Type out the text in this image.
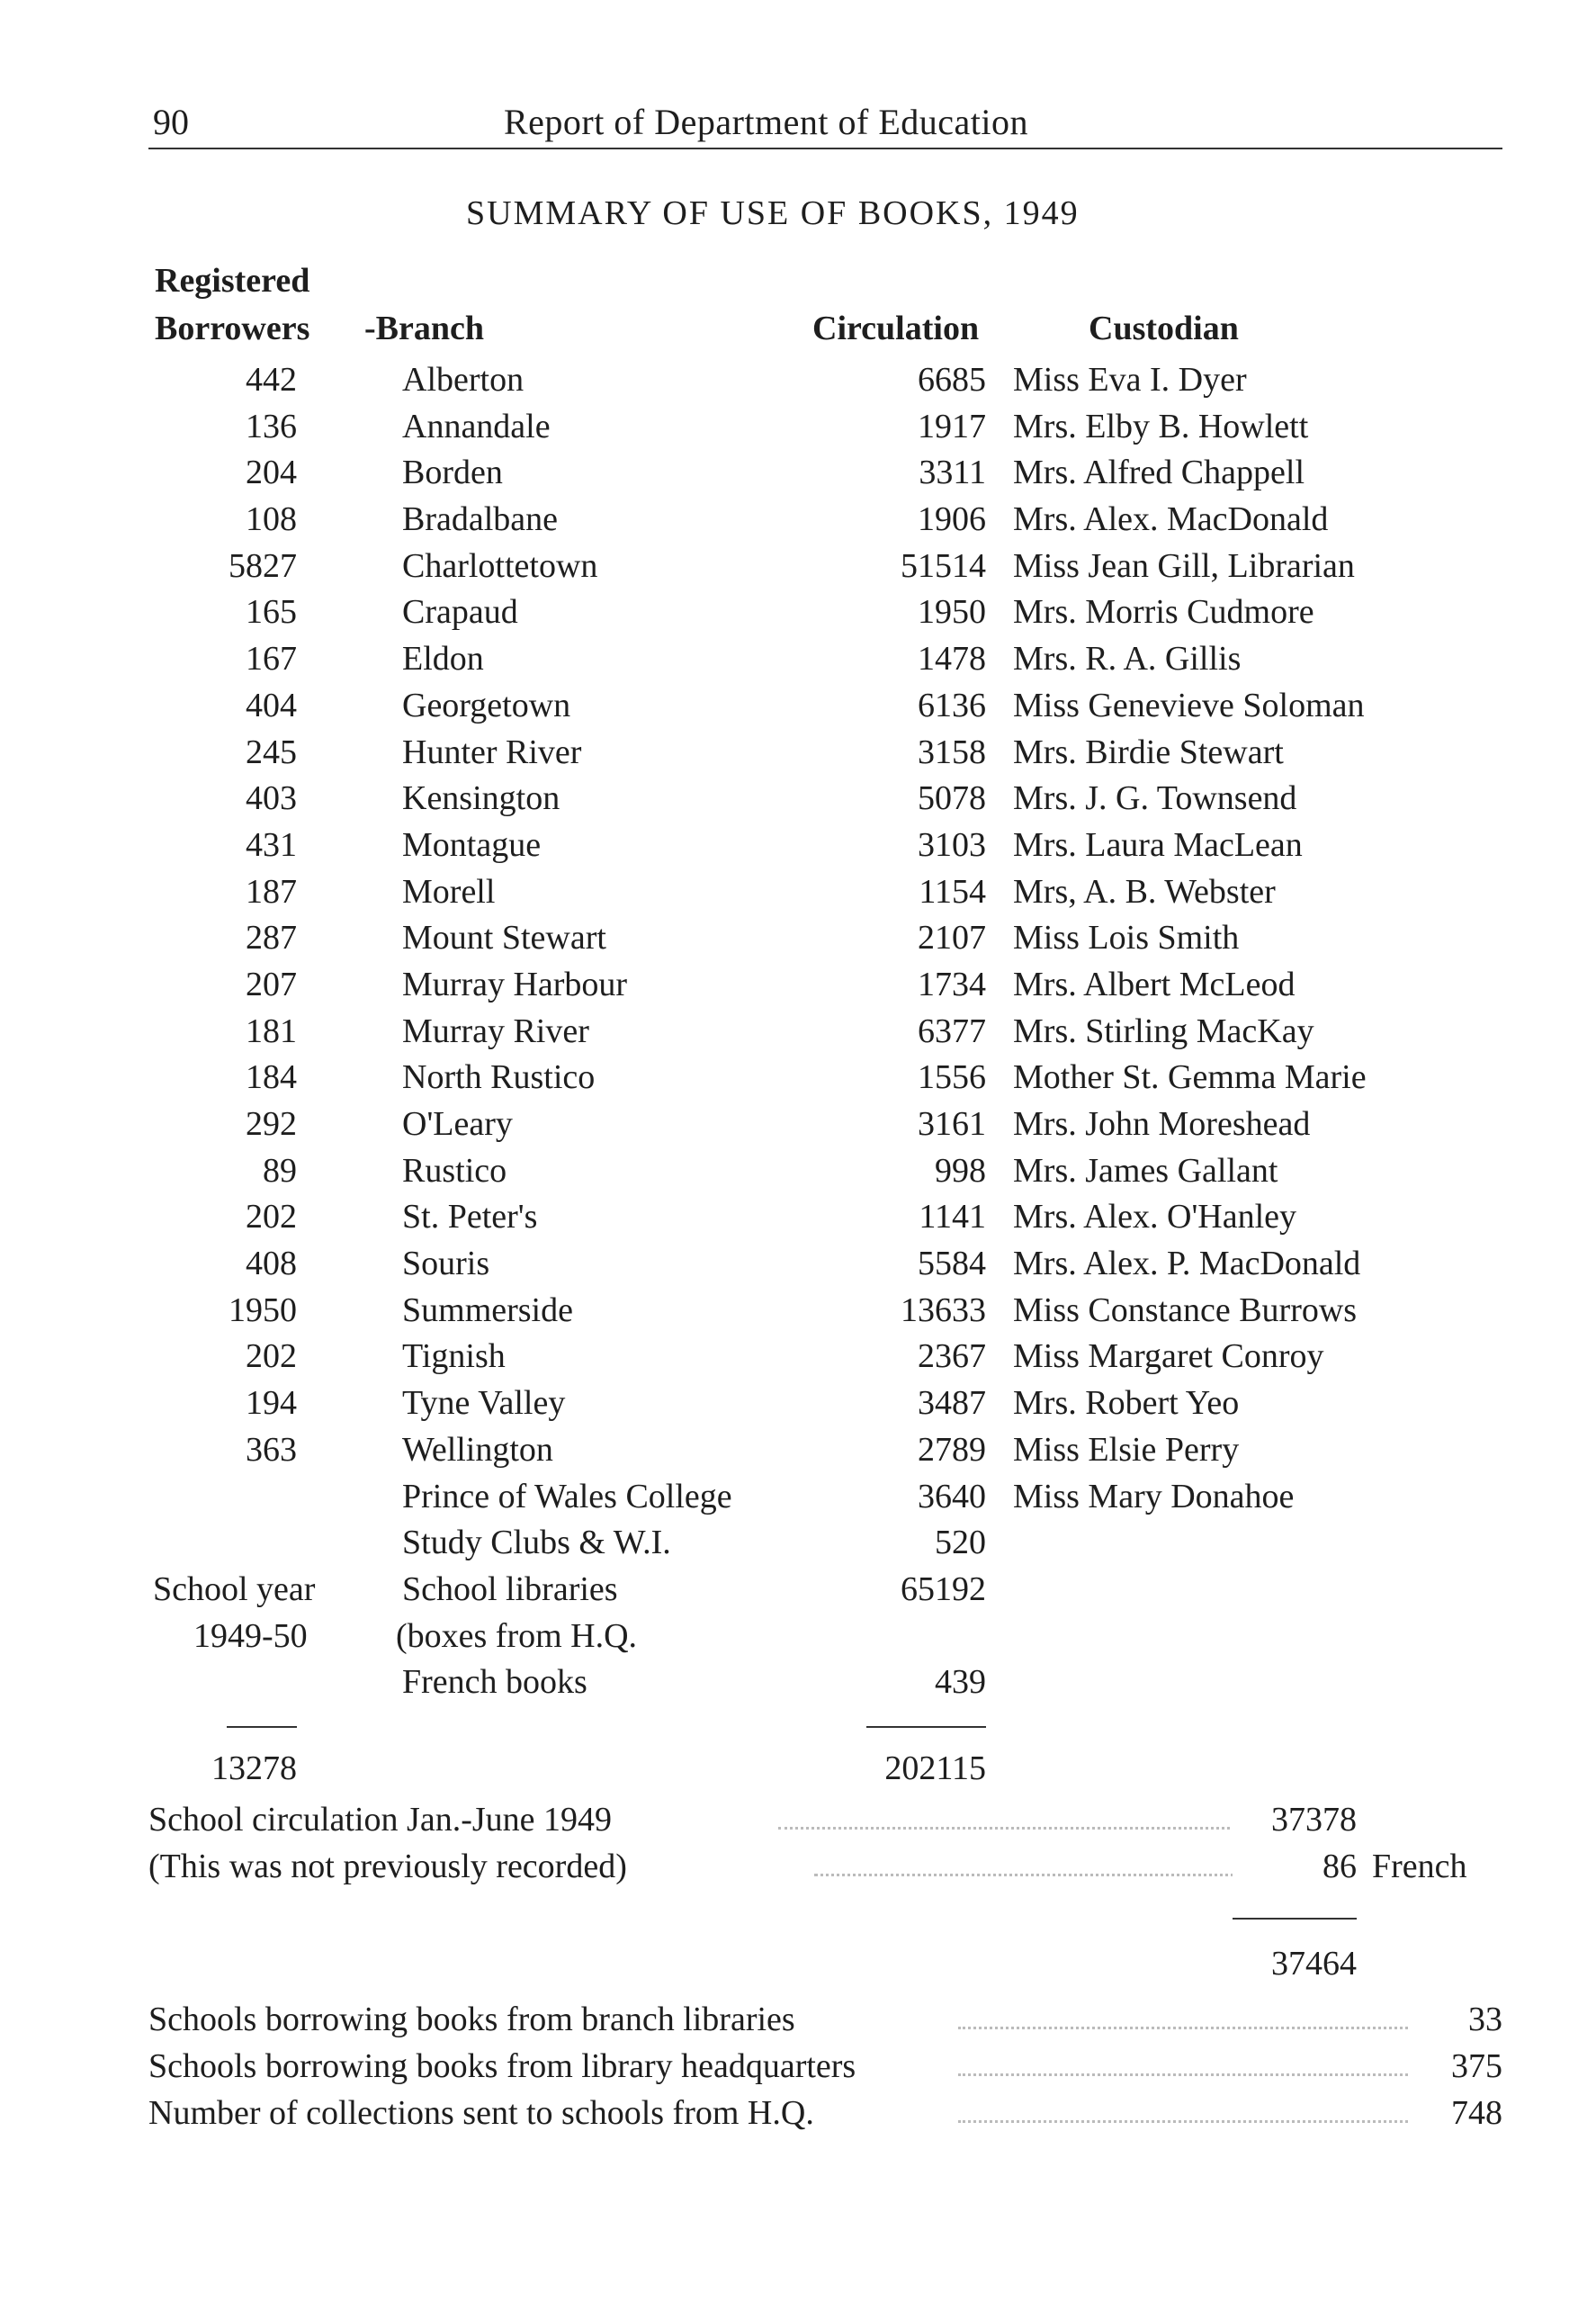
90	Report of Department of Education
SUMMARY OF USE OF BOOKS, 1949
Registered
Borrowers -Branch	Circulation	Custodian
442	Alberton	6685 Miss Eva I. Dyer
136	Annandale	1917 Mrs. Elby B. Howlett
204	Borden	3311 Mrs. Alfred Chappell
108	Bradalbane	1906 Mrs. Alex. MacDonald
5827	Charlottetown	51514 Miss Jean Gill, Librarian
165	Crapaud	1950 Mrs. Morris Cudmore
167	Eldon	1478 Mrs. R. A. Gillis
404	Georgetown	6136 Miss Genevieve Soloman
245	Hunter River	3158 Mrs. Birdie Stewart
403	Kensington	5078 Mrs. J. G. Townsend
431	Montague	3103 Mrs. Laura MacLean
187	Morell	1154 Mrs, A. B. Webster
287	Mount Stewart	2107 Miss Lois Smith
207	Murray Harbour	1734 Mrs. Albert McLeod
181	Murray River	6377 Mrs. Stirling MacKay
184	North Rustico	1556 Mother St. Gemma Marie
292	O'Leary	3161 Mrs. John Moreshead
89	Rustico	998 Mrs. James Gallant
202	St. Peter's	1141 Mrs. Alex. O'Hanley
408	Souris	5584 Mrs. Alex. P. MacDonald
1950	Summerside	13633 Miss Constance Burrows
202	Tignish	2367 Miss Margaret Conroy
194	Tyne Valley	3487 Mrs. Robert Yeo
363	Wellington	2789 Miss Elsie Perry
Prince of Wales College	3640 Miss Mary Donahoe
Study Clubs & W.I.	520
School year	School libraries	65192
1949-50	(boxes from H.Q.
French books	439
13278	202115
School circulation Jan.-June 1949	37378
(This was not previously recorded)	86 French
37464
Schools borrowing books from branch libraries	33
Schools borrowing books from library headquarters	375
Number of collections sent to schools from H.Q.	748
